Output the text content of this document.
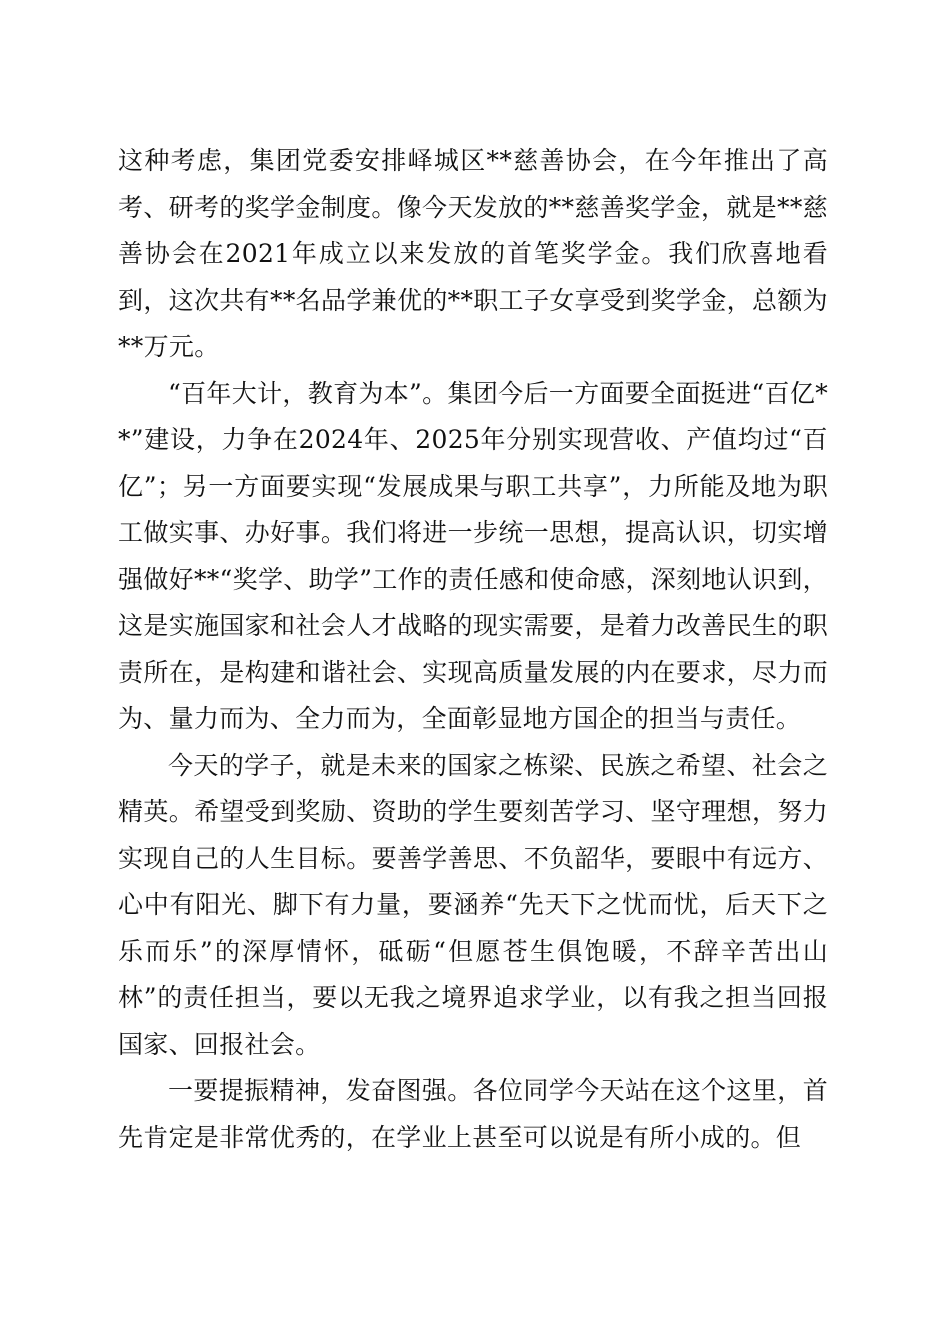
这种考虑，集团党委安排峄城区**慈善协会，在今年推出了高考、研考的奖学金制度。像今天发放的**慈善奖学金，就是**慈善协会在2021年成立以来发放的首笔奖学金。我们欣喜地看到，这次共有**名品学兼优的**职工子女享受到奖学金，总额为**万元。

“百年大计，教育为本”。集团今后一方面要全面挺进“百亿**”建设，力争在2024年、2025年分别实现营收、产值均过“百亿”；另一方面要实现“发展成果与职工共享”，力所能及地为职工做实事、办好事。我们将进一步统一思想，提高认识，切实增强做好**“奖学、助学”工作的责任感和使命感，深刻地认识到，这是实施国家和社会人才战略的现实需要，是着力改善民生的职责所在，是构建和谐社会、实现高质量发展的内在要求，尽力而为、量力而为、全力而为，全面彰显地方国企的担当与责任。

今天的学子，就是未来的国家之栋梁、民族之希望、社会之精英。希望受到奖励、资助的学生要刻苦学习、坚守理想，努力实现自己的人生目标。要善学善思、不负韶华，要眼中有远方、心中有阳光、脚下有力量，要涵养“先天下之忧而忧，后天下之乐而乐”的深厚情怀，砥砺“但愿苍生俱饱暖，不辞辛苦出山林”的责任担当，要以无我之境界追求学业，以有我之担当回报国家、回报社会。

一要提振精神，发奋图强。各位同学今天站在这个这里，首先肯定是非常优秀的，在学业上甚至可以说是有所小成的。但
